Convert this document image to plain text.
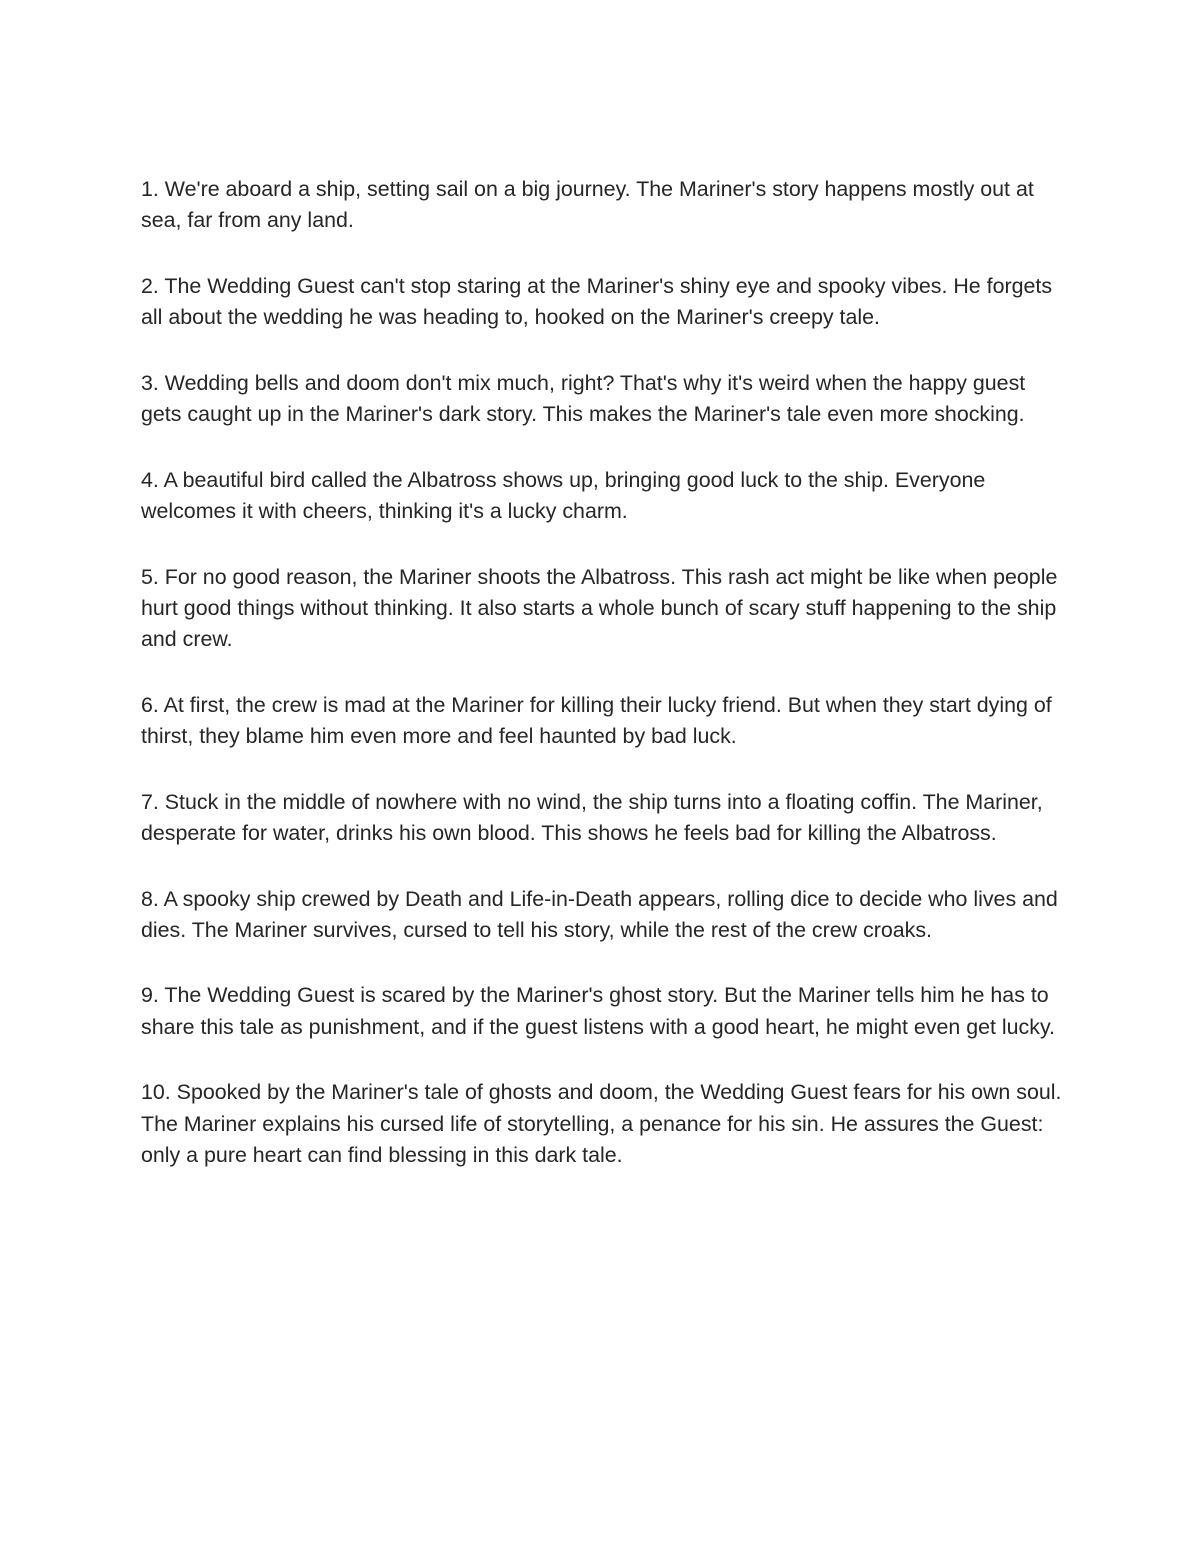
1. We're aboard a ship, setting sail on a big journey. The Mariner's story happens mostly out at sea, far from any land.

2. The Wedding Guest can't stop staring at the Mariner's shiny eye and spooky vibes. He forgets all about the wedding he was heading to, hooked on the Mariner's creepy tale.

3. Wedding bells and doom don't mix much, right? That's why it's weird when the happy guest gets caught up in the Mariner's dark story. This makes the Mariner's tale even more shocking.

4. A beautiful bird called the Albatross shows up, bringing good luck to the ship. Everyone welcomes it with cheers, thinking it's a lucky charm.

5. For no good reason, the Mariner shoots the Albatross. This rash act might be like when people hurt good things without thinking. It also starts a whole bunch of scary stuff happening to the ship and crew.

6. At first, the crew is mad at the Mariner for killing their lucky friend. But when they start dying of thirst, they blame him even more and feel haunted by bad luck.

7. Stuck in the middle of nowhere with no wind, the ship turns into a floating coffin. The Mariner, desperate for water, drinks his own blood. This shows he feels bad for killing the Albatross.

8. A spooky ship crewed by Death and Life-in-Death appears, rolling dice to decide who lives and dies. The Mariner survives, cursed to tell his story, while the rest of the crew croaks.

9. The Wedding Guest is scared by the Mariner's ghost story. But the Mariner tells him he has to share this tale as punishment, and if the guest listens with a good heart, he might even get lucky.

10. Spooked by the Mariner's tale of ghosts and doom, the Wedding Guest fears for his own soul. The Mariner explains his cursed life of storytelling, a penance for his sin. He assures the Guest: only a pure heart can find blessing in this dark tale.
